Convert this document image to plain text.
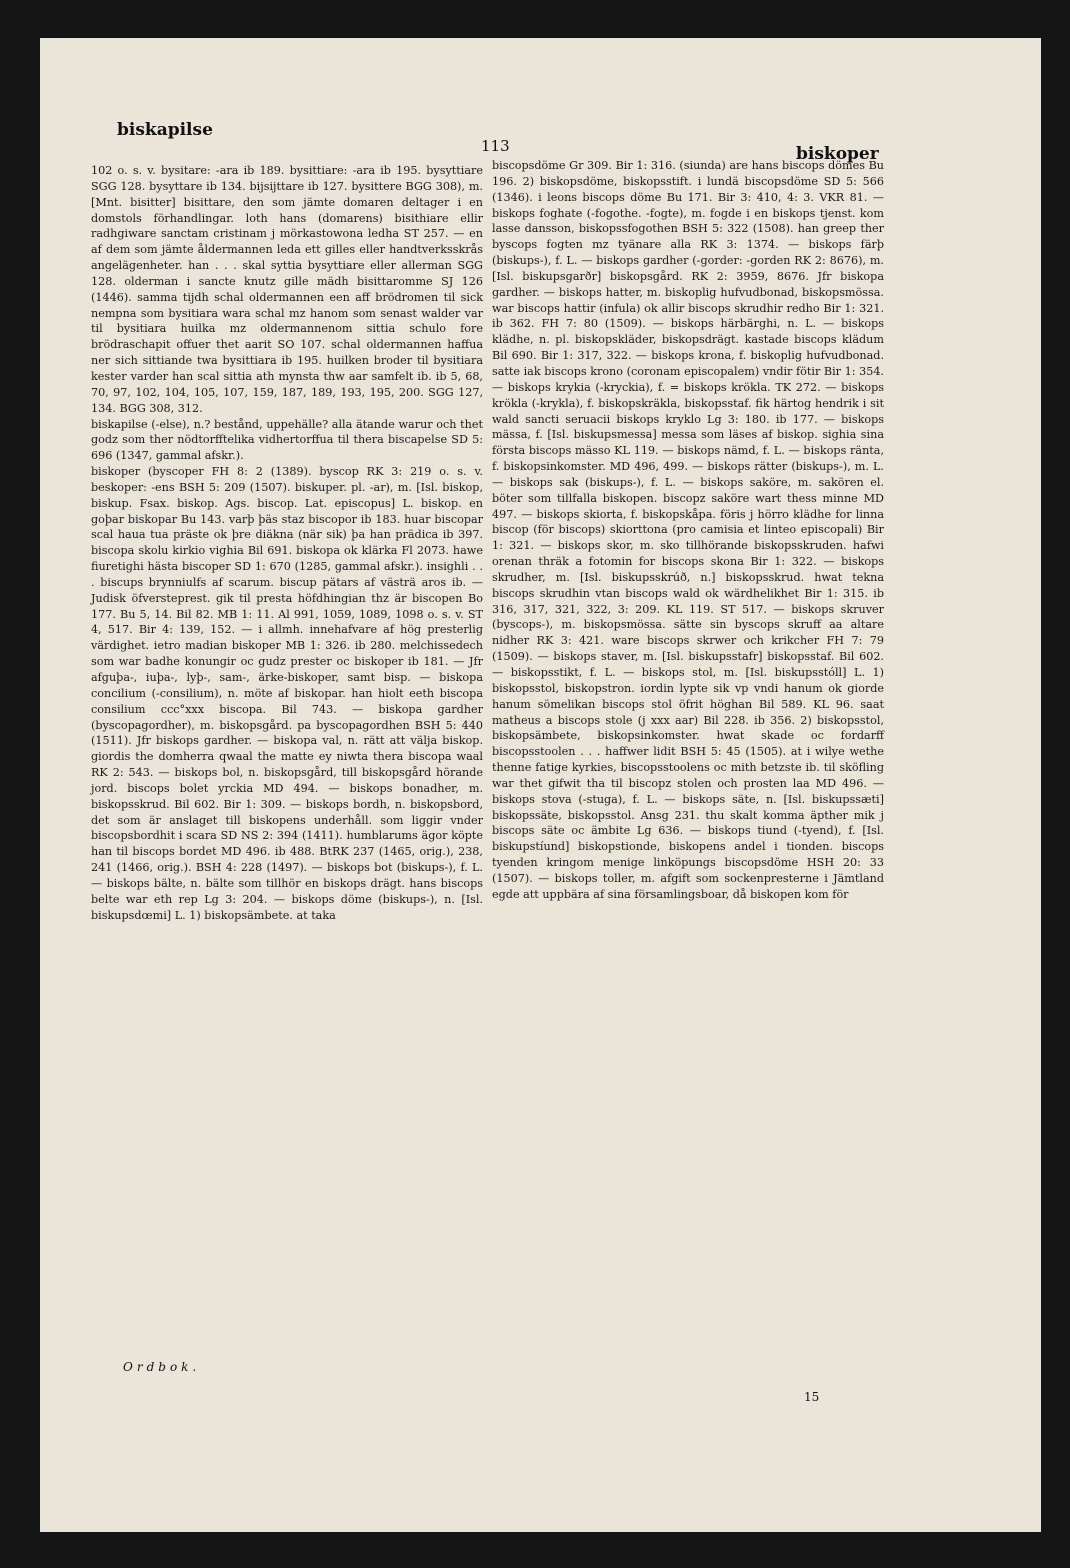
biskapilse
113	biskoper

102 o. s. v. bysitare: -ara ib 189. bysittiare: -ara ib 195. bysyttiare SGG 128. bysyttare ib 134. bijsijttare ib 127. bysittere BGG 308), m. [Mnt. bisitter] bisittare, den som jämte domaren deltager i en domstols förhandlingar. loth hans (domarens) bisithiare ellir radhgiware sanctam cristinam j mörkastowona ledha ST 257. — en af dem som jämte åldermannen leda ett gilles eller handtverksskrås angelägenheter. han . . . skal syttia bysyttiare eller allerman SGG 128. olderman i sancte knutz gille mädh bisittaromme SJ 126 (1446). samma tijdh schal oldermannen een aff brödromen til sick nempna som bysitiara wara schal mz hanom som senast walder var til bysitiara huilka mz oldermannenom sittia schulo fore brödraschapit offuer thet aarit SO 107. schal oldermannen haffua ner sich sittiande twa bysittiara ib 195. huilken broder til bysitiara kester varder han scal sittia ath mynsta thw aar samfelt ib. ib 5, 68, 70, 97, 102, 104, 105, 107, 159, 187, 189, 193, 195, 200. SGG 127, 134. BGG 308, 312.

biskapilse (-else), n.? bestånd, uppehälle? alla ätande warur och thet godz som ther nödtorfftelika vidhertorffua til thera biscapelse SD 5: 696 (1347, gammal afskr.).

biskoper (byscoper FH 8: 2 (1389). byscop RK 3: 219 o. s. v. beskoper: -ens BSH 5: 209 (1507). biskuper. pl. -ar), m. [Isl. biskop, biskup. Fsax. biskop. Ags. biscop. Lat. episcopus] L. biskop. en goþar biskopar Bu 143. varþ þäs staz biscopor ib 183. huar biscopar scal haua tua präste ok þre diäkna (när sik) þa han prädica ib 397. biscopa skolu kirkio vighia Bil 691. biskopa ok klärka Fl 2073. hawe fiuretighi hästa biscoper SD 1: 670 (1285, gammal afskr.). insighli . . . biscups brynniulfs af scarum. biscup pätars af västrä aros ib. — Judisk öfversteprest. gik til presta höfdhingian thz är biscopen Bo 177. Bu 5, 14. Bil 82. MB 1: 11. Al 991, 1059, 1089, 1098 o. s. v. ST 4, 517. Bir 4: 139, 152. — i allmh. innehafvare af hög presterlig värdighet. ietro madian biskoper MB 1: 326. ib 280. melchissedech som war badhe konungir oc gudz prester oc biskoper ib 181. — Jfr afguþa-, iuþa-, lyþ-, sam-, ärke-biskoper, samt bisp. — biskopa concilium (-consilium), n. möte af biskopar. han hiolt eeth biscopa consilium ccc°xxx biscopa. Bil 743. — biskopa gardher (byscopagordher), m. biskopsgård. pa byscopagordhen BSH 5: 440 (1511). Jfr biskops gardher. — biskopa val, n. rätt att välja biskop. giordis the domherra qwaal the matte ey niwta thera biscopa waal RK 2: 543. — biskops bol, n. biskopsgård, till biskopsgård hörande jord. biscops bolet yrckia MD 494. — biskops bonadher, m. biskopsskrud. Bil 602. Bir 1: 309. — biskops bordh, n. biskopsbord, det som är anslaget till biskopens underhåll. som liggir vnder biscopsbordhit i scara SD NS 2: 394 (1411). humblarums ägor köpte han til biscops bordet MD 496. ib 488. BtRK 237 (1465, orig.), 238, 241 (1466, orig.). BSH 4: 228 (1497). — biskops bot (biskups-), f. L. — biskops bälte, n. bälte som tillhör en biskops drägt. hans biscops belte war eth rep Lg 3: 204. — biskops döme (biskups-), n. [Isl. biskupsdœmi] L. 1) biskopsämbete. at taka

biscopsdöme Gr 309. Bir 1: 316. (siunda) are hans biscops dömes Bu 196. 2) biskopsdöme, biskopsstift. i lundä biscopsdöme SD 5: 566 (1346). i leons biscops döme Bu 171. Bir 3: 410, 4: 3. VKR 81. — biskops foghate (-fogothe. -fogte), m. fogde i en biskops tjenst. kom lasse dansson, biskopssfogothen BSH 5: 322 (1508). han greep ther byscops fogten mz tyänare alla RK 3: 1374. — biskops färþ (biskups-), f. L. — biskops gardher (-gorder: -gorden RK 2: 8676), m. [Isl. biskupsgarðr] biskopsgård. RK 2: 3959, 8676. Jfr biskopa gardher. — biskops hatter, m. biskoplig hufvudbonad, biskopsmössa. war biscops hattir (infula) ok allir biscops skrudhir redho Bir 1: 321. ib 362. FH 7: 80 (1509). — biskops härbärghi, n. L. — biskops klädhe, n. pl. biskopskläder, biskopsdrägt. kastade biscops klädum Bil 690. Bir 1: 317, 322. — biskops krona, f. biskoplig hufvudbonad. satte iak biscops krono (coronam episcopalem) vndir fötir Bir 1: 354. — biskops krykia (-kryckia), f. = biskops krökla. TK 272. — biskops krökla (-krykla), f. biskopskräkla, biskopsstaf. fik härtog hendrik i sit wald sancti seruacii biskops kryklo Lg 3: 180. ib 177. — biskops mässa, f. [Isl. biskupsmessa] messa som läses af biskop. sighia sina första biscops mässo KL 119. — biskops nämd, f. L. — biskops ränta, f. biskopsinkomster. MD 496, 499. — biskops rätter (biskups-), m. L. — biskops sak (biskups-), f. L. — biskops saköre, m. sakören el. böter som tillfalla biskopen. biscopz saköre wart thess minne MD 497. — biskops skiorta, f. biskopskåpa. föris j hörro klädhe for linna biscop (för biscops) skiorttona (pro camisia et linteo episcopali) Bir 1: 321. — biskops skor, m. sko tillhörande biskopsskruden. hafwi orenan thräk a fotomin for biscops skona Bir 1: 322. — biskops skrudher, m. [Isl. biskupsskrúð, n.] biskopsskrud. hwat tekna biscops skrudhin vtan biscops wald ok wärdhelikhet Bir 1: 315. ib 316, 317, 321, 322, 3: 209. KL 119. ST 517. — biskops skruver (byscops-), m. biskopsmössa. sätte sin byscops skruff aa altare nidher RK 3: 421. ware biscops skrwer och krikcher FH 7: 79 (1509). — biskops staver, m. [Isl. biskupsstafr] biskopsstaf. Bil 602. — biskopsstikt, f. L. — biskops stol, m. [Isl. biskupsstóll] L. 1) biskopsstol, biskopstron. iordin lypte sik vp vndi hanum ok giorde hanum sömelikan biscops stol öfrit höghan Bil 589. KL 96. saat matheus a biscops stole (j xxx aar) Bil 228. ib 356. 2) biskopsstol, biskopsämbete, biskopsinkomster. hwat skade oc fordarff biscopsstoolen . . . haffwer lidit BSH 5: 45 (1505). at i wilye wethe thenne fatige kyrkies, biscopsstoolens oc mith betzste ib. til sköfling war thet gifwit tha til biscopz stolen och prosten laa MD 496. — biskops stova (-stuga), f. L. — biskops säte, n. [Isl. biskupssæti] biskopssäte, biskopsstol. Ansg 231. thu skalt komma äpther mik j biscops säte oc ämbite Lg 636. — biskops tiund (-tyend), f. [Isl. biskupstíund] biskopstionde, biskopens andel i tionden. biscops tyenden kringom menige linköpungs biscopsdöme HSH 20: 33 (1507). — biskops toller, m. afgift som sockenpresterne i Jämtland egde att uppbära af sina församlingsboar, då biskopen kom för

Ordbok.
15
